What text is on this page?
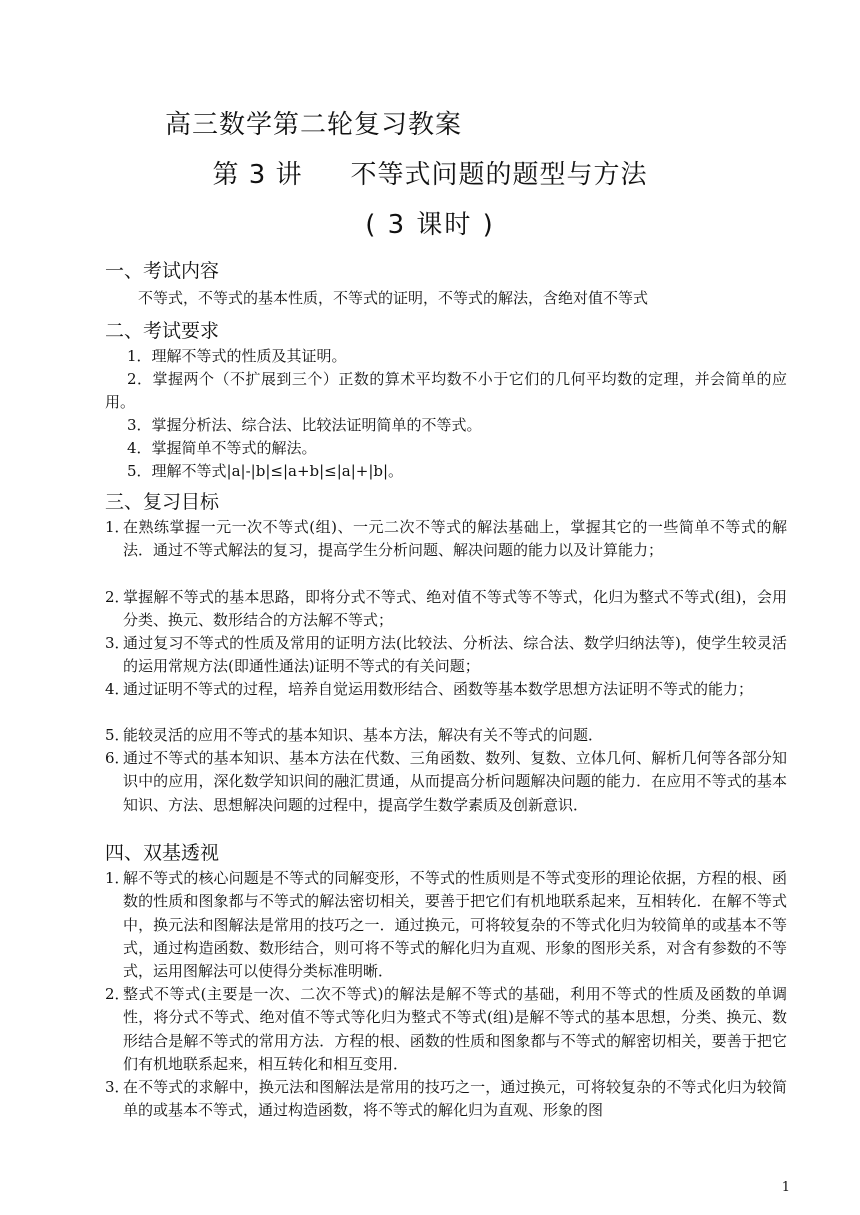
高三数学第二轮复习教案
第 3 讲 不等式问题的题型与方法
( 3 课时 )
一、考试内容
不等式，不等式的基本性质，不等式的证明，不等式的解法，含绝对值不等式
二、考试要求
1．理解不等式的性质及其证明。
2．掌握两个（不扩展到三个）正数的算术平均数不小于它们的几何平均数的定理，并会简单的应用。
3．掌握分析法、综合法、比较法证明简单的不等式。
4．掌握简单不等式的解法。
5．理解不等式|a|-|b|≤|a+b|≤|a|+|b|。
三、复习目标
1．
在熟练掌握一元一次不等式(组)、一元二次不等式的解法基础上，掌握其它的一些简单不等式的解法．通过不等式解法的复习，提高学生分析问题、解决问题的能力以及计算能力；
2．
掌握解不等式的基本思路，即将分式不等式、绝对值不等式等不等式，化归为整式不等式(组)，会用分类、换元、数形结合的方法解不等式；
3．
通过复习不等式的性质及常用的证明方法(比较法、分析法、综合法、数学归纳法等)，使学生较灵活的运用常规方法(即通性通法)证明不等式的有关问题；
4．
通过证明不等式的过程，培养自觉运用数形结合、函数等基本数学思想方法证明不等式的能力；
5．
能较灵活的应用不等式的基本知识、基本方法，解决有关不等式的问题．
6．
通过不等式的基本知识、基本方法在代数、三角函数、数列、复数、立体几何、解析几何等各部分知识中的应用，深化数学知识间的融汇贯通，从而提高分析问题解决问题的能力．在应用不等式的基本知识、方法、思想解决问题的过程中，提高学生数学素质及创新意识．
四、双基透视
1．
解不等式的核心问题是不等式的同解变形，不等式的性质则是不等式变形的理论依据，方程的根、函数的性质和图象都与不等式的解法密切相关，要善于把它们有机地联系起来，互相转化．在解不等式中，换元法和图解法是常用的技巧之一．通过换元，可将较复杂的不等式化归为较简单的或基本不等式，通过构造函数、数形结合，则可将不等式的解化归为直观、形象的图形关系，对含有参数的不等式，运用图解法可以使得分类标准明晰．
2．
整式不等式(主要是一次、二次不等式)的解法是解不等式的基础，利用不等式的性质及函数的单调性，将分式不等式、绝对值不等式等化归为整式不等式(组)是解不等式的基本思想，分类、换元、数形结合是解不等式的常用方法．方程的根、函数的性质和图象都与不等式的解密切相关，要善于把它们有机地联系起来，相互转化和相互变用．
3．
在不等式的求解中，换元法和图解法是常用的技巧之一，通过换元，可将较复杂的不等式化归为较简单的或基本不等式，通过构造函数，将不等式的解化归为直观、形象的图
1
